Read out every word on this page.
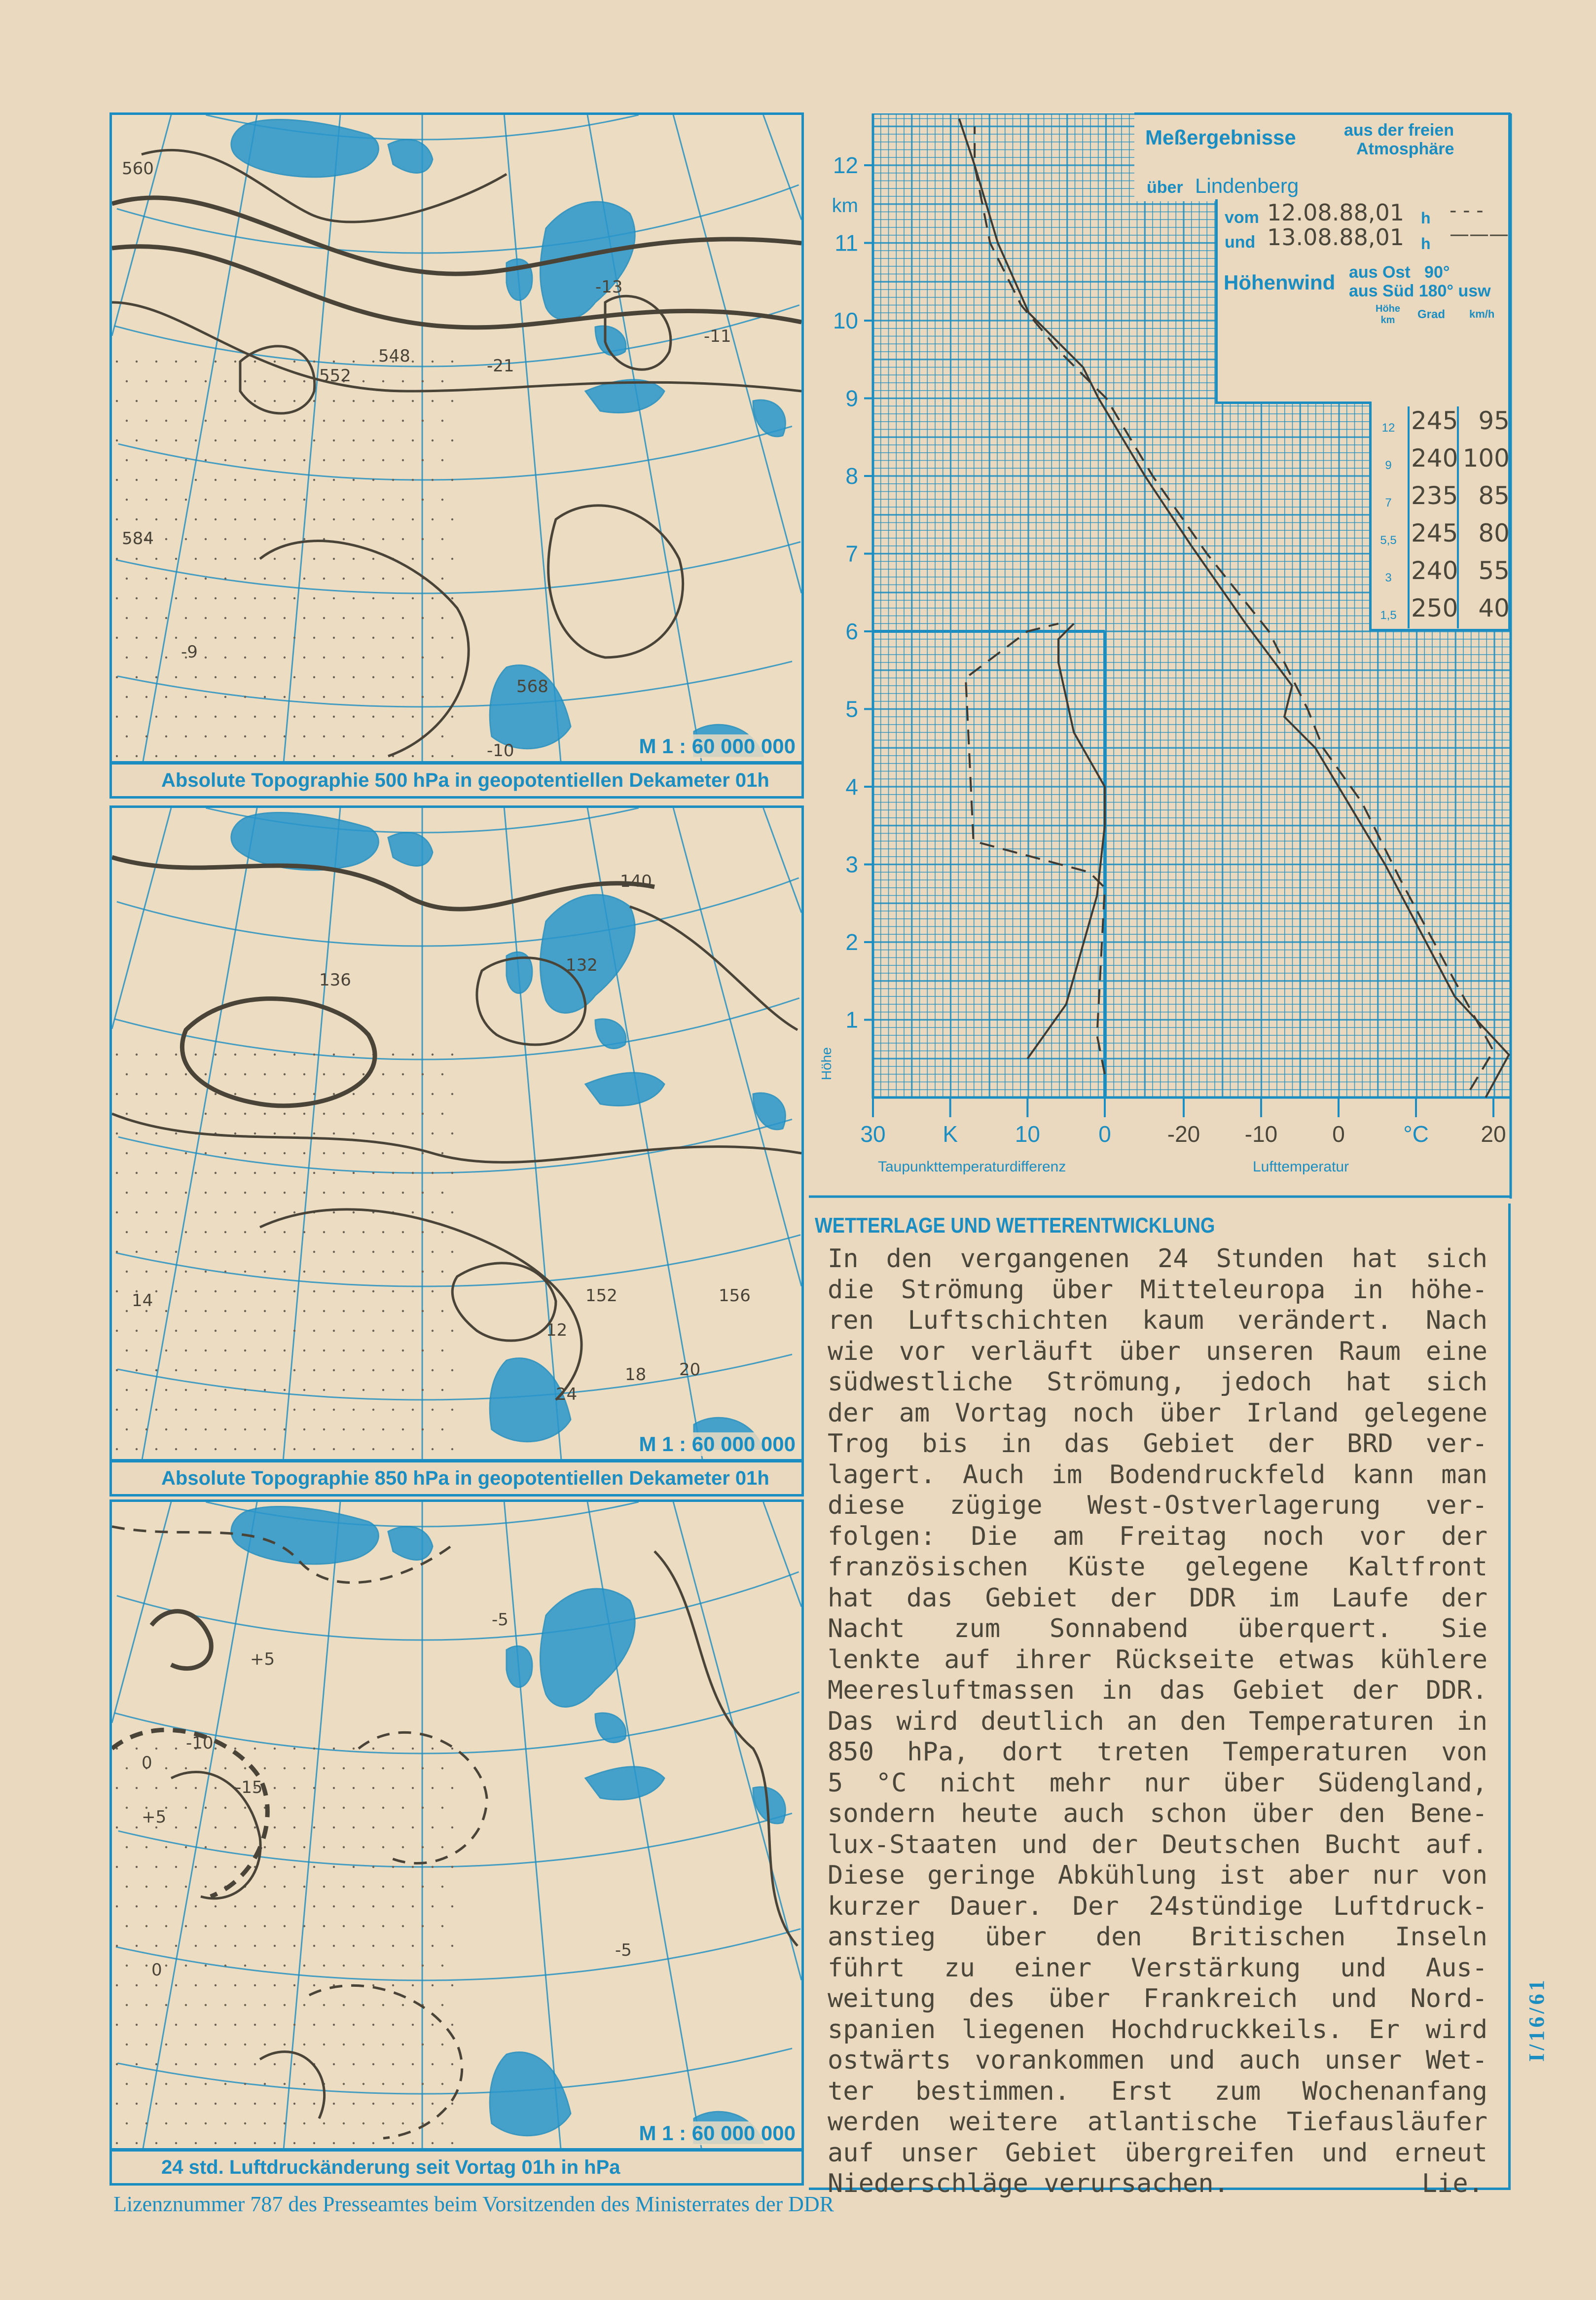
560
548
552
584
568
-13
-21
-11
-9
-10	M 1 : 60 000 000
Absolute Topographie 500 hPa in geopotentiellen Dekameter 01h
140
136
132
152	156
14
12
18 20
24
M 1 : 60 000 000
Absolute Topographie 850 hPa in geopotentiellen Dekameter 01h
+5
-5
-10
-15
0
+5
0
-5
M 1 : 60 000 000
24 std. Luftdruckänderung seit Vortag 01h in hPa
1
2
3
4
5
6
7
8
9
10
11
12
km
Höhe
30	K	10	0 -20 -10 0	°C 20
Taupunkttemperaturdifferenz	Lufttemperatur
Meßergebnisse	aus der freien
Atmosphäre
über Lindenberg
vom 12.08.88,01 h - - -
und 13.08.88,01 h ———
Höhenwind aus Ost   90°
aus Süd 180° usw
Höhe km	Grad km/h
12 245 95
9 240 100
7 235 85
5,5 245 80
3 240 55
1,5 250 40
WETTERLAGE UND WETTERENTWICKLUNG
In den vergangenen 24 Stunden hat sich
die Strömung über Mitteleuropa in höhe-
ren Luftschichten kaum verändert. Nach
wie vor verläuft über unseren Raum eine
südwestliche Strömung, jedoch hat sich
der am Vortag noch über Irland gelegene
Trog bis in das Gebiet der BRD ver-
lagert. Auch im Bodendruckfeld kann man
diese zügige West-Ostverlagerung ver-
folgen: Die am Freitag noch vor der
französischen Küste gelegene Kaltfront
hat das Gebiet der DDR im Laufe der
Nacht zum Sonnabend überquert. Sie
lenkte auf ihrer Rückseite etwas kühlere
Meeresluftmassen in das Gebiet der DDR.
Das wird deutlich an den Temperaturen in
850 hPa, dort treten Temperaturen von
5 °C nicht mehr nur über Südengland,
sondern heute auch schon über den Bene-
lux-Staaten und der Deutschen Bucht auf.
Diese geringe Abkühlung ist aber nur von
kurzer Dauer. Der 24stündige Luftdruck-
anstieg über den Britischen Inseln
führt zu einer Verstärkung und Aus-
weitung des über Frankreich und Nord-
spanien liegenen Hochdruckkeils. Er wird
ostwärts vorankommen und auch unser Wet-
ter bestimmen. Erst zum Wochenanfang
werden weitere atlantische Tiefausläufer
auf unser Gebiet übergreifen und erneut
Niederschläge verursachen.	Lie.
I/16/61
Lizenznummer 787 des Presseamtes beim Vorsitzenden des Ministerrates der DDR
